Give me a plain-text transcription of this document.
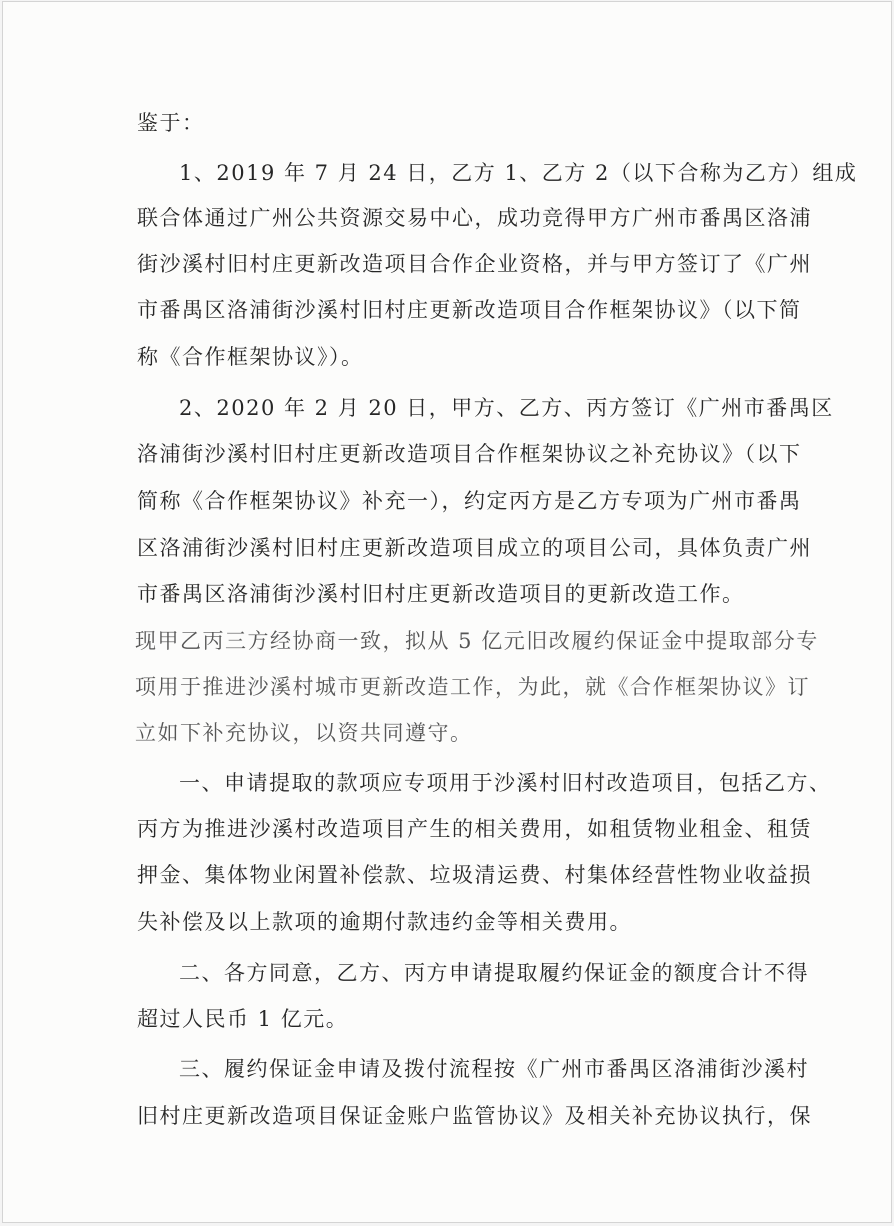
鉴于：
1、2019 年 7 月 24 日，乙方 1、乙方 2（以下合称为乙方）组成
联合体通过广州公共资源交易中心，成功竞得甲方广州市番禺区洛浦
街沙溪村旧村庄更新改造项目合作企业资格，并与甲方签订了《广州
市番禺区洛浦街沙溪村旧村庄更新改造项目合作框架协议》（以下简
称《合作框架协议》）。
2、2020 年 2 月 20 日，甲方、乙方、丙方签订《广州市番禺区
洛浦街沙溪村旧村庄更新改造项目合作框架协议之补充协议》（以下
简称《合作框架协议》补充一），约定丙方是乙方专项为广州市番禺
区洛浦街沙溪村旧村庄更新改造项目成立的项目公司，具体负责广州
市番禺区洛浦街沙溪村旧村庄更新改造项目的更新改造工作。
现甲乙丙三方经协商一致，拟从 5 亿元旧改履约保证金中提取部分专
项用于推进沙溪村城市更新改造工作，为此，就《合作框架协议》订
立如下补充协议，以资共同遵守。
一、申请提取的款项应专项用于沙溪村旧村改造项目，包括乙方、
丙方为推进沙溪村改造项目产生的相关费用，如租赁物业租金、租赁
押金、集体物业闲置补偿款、垃圾清运费、村集体经营性物业收益损
失补偿及以上款项的逾期付款违约金等相关费用。
二、各方同意，乙方、丙方申请提取履约保证金的额度合计不得
超过人民币 1 亿元。
三、履约保证金申请及拨付流程按《广州市番禺区洛浦街沙溪村
旧村庄更新改造项目保证金账户监管协议》及相关补充协议执行，保
